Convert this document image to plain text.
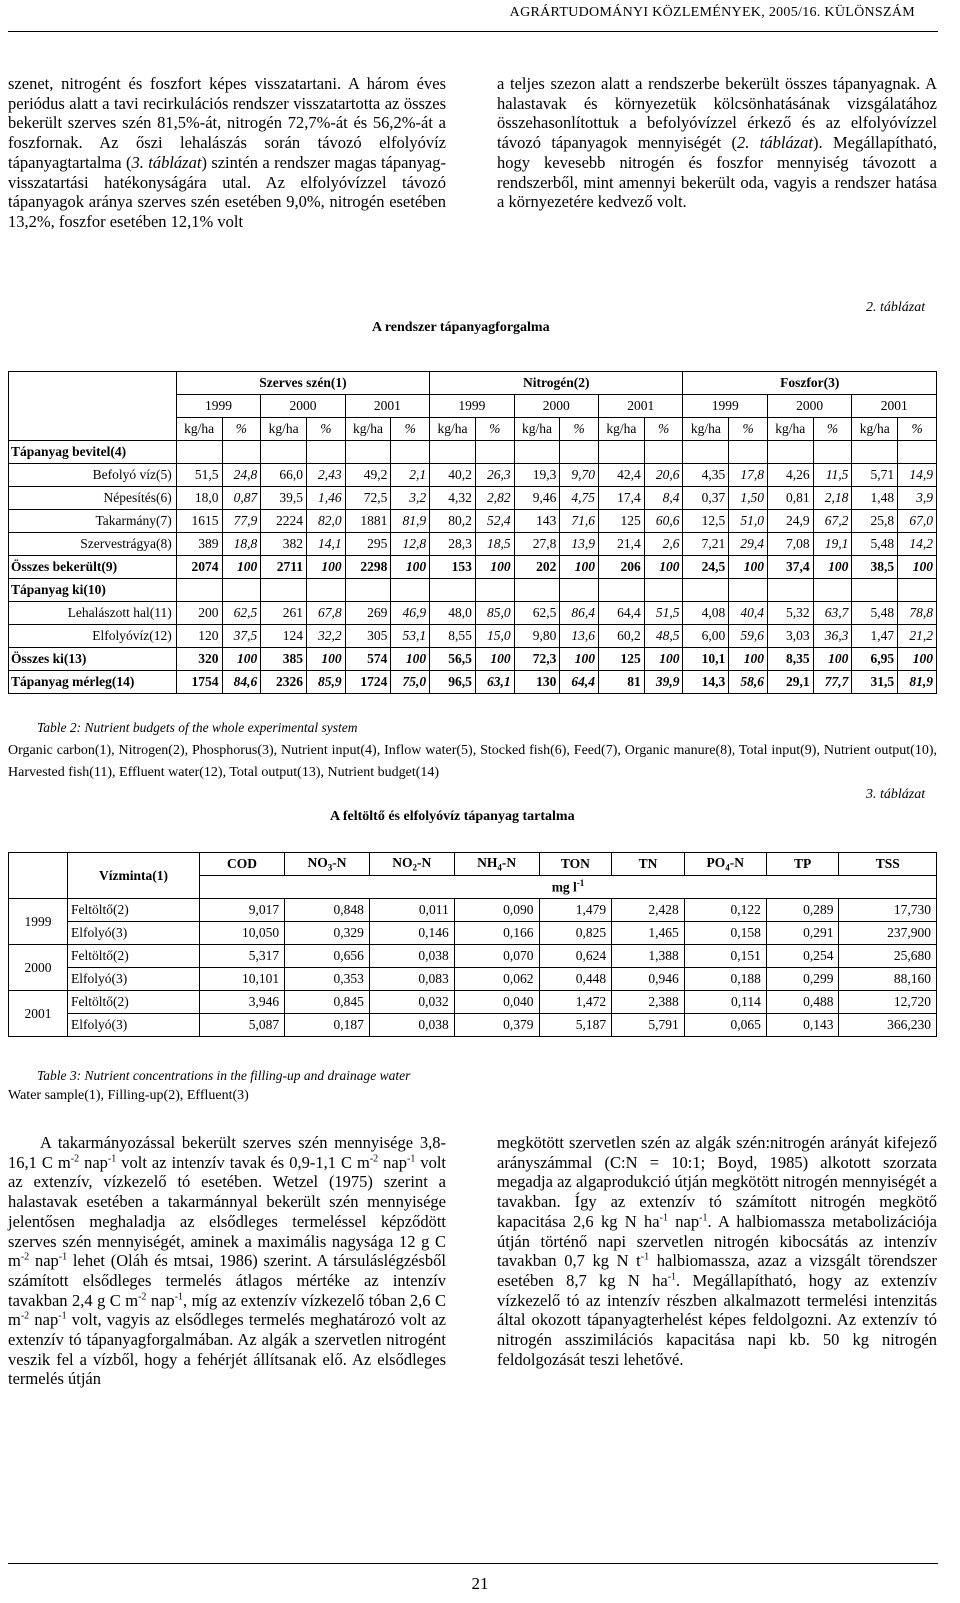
AGRÁRTUDOMÁNYI KÖZLEMÉNYEK, 2005/16. KÜLÖNSZÁM

szenet, nitrogént és foszfort képes visszatartani. A három éves periódus alatt a tavi recirkulációs rendszer visszatartotta az összes bekerült szerves szén 81,5%-át, nitrogén 72,7%-át és 56,2%-át a foszfornak. Az őszi lehalászás során távozó elfolyóvíz tápanyagtartalma (3. táblázat) szintén a rendszer magas tápanyag-visszatartási hatékonyságára utal. Az elfolyóvízzel távozó tápanyagok aránya szerves szén esetében 9,0%, nitrogén esetében 13,2%, foszfor esetében 12,1% volt

a teljes szezon alatt a rendszerbe bekerült összes tápanyagnak. A halastavak és környezetük kölcsönhatásának vizsgálatához összehasonlítottuk a befolyóvízzel érkező és az elfolyóvízzel távozó tápanyagok mennyiségét (2. táblázat). Megállapítható, hogy kevesebb nitrogén és foszfor mennyiség távozott a rendszerből, mint amennyi bekerült oda, vagyis a rendszer hatása a környezetére kedvező volt.

2. táblázat
A rendszer tápanyagforgalma
	Szerves szén(1)						Nitrogén(2)						Foszfor(3)					
	1999		2000		2001		1999		2000		2001		1999		2000		2001	
	kg/ha	%	kg/ha	%	kg/ha	%	kg/ha	%	kg/ha	%	kg/ha	%	kg/ha	%	kg/ha	%	kg/ha	%
Tápanyag bevitel(4)																		
Befolyó víz(5)	51,5	24,8	66,0	2,43	49,2	2,1	40,2	26,3	19,3	9,70	42,4	20,6	4,35	17,8	4,26	11,5	5,71	14,9
Népesítés(6)	18,0	0,87	39,5	1,46	72,5	3,2	4,32	2,82	9,46	4,75	17,4	8,4	0,37	1,50	0,81	2,18	1,48	3,9
Takarmány(7)	1615	77,9	2224	82,0	1881	81,9	80,2	52,4	143	71,6	125	60,6	12,5	51,0	24,9	67,2	25,8	67,0
Szervestrágya(8)	389	18,8	382	14,1	295	12,8	28,3	18,5	27,8	13,9	21,4	2,6	7,21	29,4	7,08	19,1	5,48	14,2
Összes bekerült(9)	2074	100	2711	100	2298	100	153	100	202	100	206	100	24,5	100	37,4	100	38,5	100
Tápanyag ki(10)																		
Lehalászott hal(11)	200	62,5	261	67,8	269	46,9	48,0	85,0	62,5	86,4	64,4	51,5	4,08	40,4	5,32	63,7	5,48	78,8
Elfolyóvíz(12)	120	37,5	124	32,2	305	53,1	8,55	15,0	9,80	13,6	60,2	48,5	6,00	59,6	3,03	36,3	1,47	21,2
Összes ki(13)	320	100	385	100	574	100	56,5	100	72,3	100	125	100	10,1	100	8,35	100	6,95	100
Tápanyag mérleg(14)	1754	84,6	2326	85,9	1724	75,0	96,5	63,1	130	64,4	81	39,9	14,3	58,6	29,1	77,7	31,5	81,9
Table 2: Nutrient budgets of the whole experimental system
Organic carbon(1), Nitrogen(2), Phosphorus(3), Nutrient input(4), Inflow water(5), Stocked fish(6), Feed(7), Organic manure(8), Total input(9), Nutrient output(10), Harvested fish(11), Effluent water(12), Total output(13), Nutrient budget(14)
3. táblázat
A feltöltő és elfolyóvíz tápanyag tartalma
	Vízminta(1)	COD	$NO_3-N$	$NO_2-N$	$NH_4-N$	TON	TN	$PO_4-N$	TP	TSS
		mg $l^{-1}$
1999	Feltöltő(2)	9,017	0,848	0,011	0,090	1,479	2,428	0,122	0,289	17,730
	Elfolyó(3)	10,050	0,329	0,146	0,166	0,825	1,465	0,158	0,291	237,900
2000	Feltöltő(2)	5,317	0,656	0,038	0,070	0,624	1,388	0,151	0,254	25,680
	Elfolyó(3)	10,101	0,353	0,083	0,062	0,448	0,946	0,188	0,299	88,160
2001	Feltöltő(2)	3,946	0,845	0,032	0,040	1,472	2,388	0,114	0,488	12,720
	Elfolyó(3)	5,087	0,187	0,038	0,379	5,187	5,791	0,065	0,143	366,230
Table 3: Nutrient concentrations in the filling-up and drainage water
Water sample(1), Filling-up(2), Effluent(3)

A takarmányozással bekerült szerves szén mennyisége 3,8-16,1 C $m^{-2}$ nap$^{-1}$ volt az intenzív tavak és 0,9-1,1 C $m^{-2}$ nap$^{-1}$ volt az extenzív, vízkezelő tó esetében. Wetzel (1975) szerint a halastavak esetében a takarmánnyal bekerült szén mennyisége jelentősen meghaladja az elsődleges termeléssel képződött szerves szén mennyiségét, aminek a maximális nagysága 12 g C $m^{-2}$ nap$^{-1}$ lehet (Oláh és mtsai, 1986) szerint. A társuláslégzésből számított elsődleges termelés átlagos mértéke az intenzív tavakban 2,4 g C $m^{-2}$ nap$^{-1}$, míg az extenzív vízkezelő tóban 2,6 C $m^{-2}$ nap$^{-1}$ volt, vagyis az elsődleges termelés meghatározó volt az extenzív tó tápanyagforgalmában. Az algák a szervetlen nitrogént veszik fel a vízből, hogy a fehérjét állítsanak elő. Az elsődleges termelés útján

megkötött szervetlen szén az algák szén:nitrogén arányát kifejező arányszámmal (C:N = 10:1; Boyd, 1985) alkotott szorzata megadja az algaprodukció útján megkötött nitrogén mennyiségét a tavakban. Így az extenzív tó számított nitrogén megkötő kapacitása 2,6 kg N $ha^{-1}$ nap$^{-1}$. A halbiomassza metabolizációja útján történő napi szervetlen nitrogén kibocsátás az intenzív tavakban 0,7 kg N $t^{-1}$ halbiomassza, azaz a vizsgált törendszer esetében 8,7 kg N $ha^{-1}$. Megállapítható, hogy az extenzív vízkezelő tó az intenzív részben alkalmazott termelési intenzitás által okozott tápanyagterhelést képes feldolgozni. Az extenzív tó nitrogén asszimilációs kapacitása napi kb. 50 kg nitrogén feldolgozását teszi lehetővé.

21
